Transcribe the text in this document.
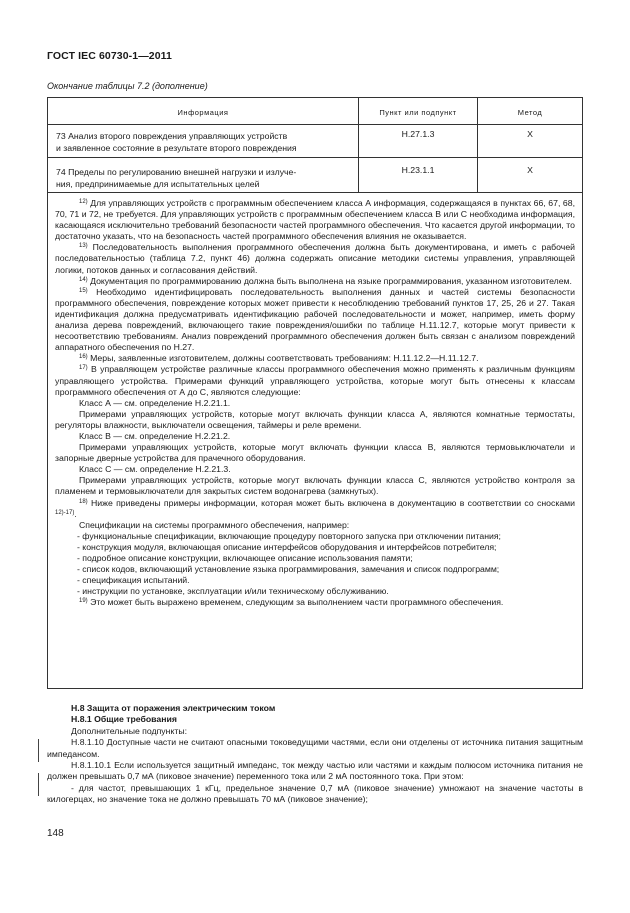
ГОСТ IEC 60730-1—2011
Окончание таблицы 7.2 (дополнение)
Информация	Пункт или подпункт	Метод
73 Анализ второго повреждения управляющих устройств
и заявленное состояние в результате второго повреждения
H.27.1.3	X
74 Пределы по регулированию внешней нагрузки и излуче-
ния, предпринимаемые для испытательных целей
H.23.1.1	X

$^{12)}$ Для управляющих устройств с программным обеспечением класса А информация, содержащаяся в пунктах 66, 67, 68, 70, 71 и 72, не требуется. Для управляющих устройств с программным обеспечением класса В или С необходима информация, касающаяся исключительно требований безопасности частей программного обеспечения. Что касается другой информации, то достаточно указать, что на безопасность частей программного обеспечения влияния не оказывается.

$^{13)}$ Последовательность выполнения программного обеспечения должна быть документирована, и иметь с рабочей последовательностью (таблица 7.2, пункт 46) должна содержать описание методики системы управления, управляющей логики, потоков данных и согласования действий.

$^{14)}$ Документация по программированию должна быть выполнена на языке программирования, указанном изготовителем.

$^{15)}$ Необходимо идентифицировать последовательность выполнения данных и частей системы безопасности программного обеспечения, повреждение которых может привести к несоблюдению требований пунктов 17, 25, 26 и 27. Такая идентификация должна предусматривать идентификацию рабочей последовательности и может, например, иметь форму анализа дерева повреждений, включающего такие повреждения/ошибки по таблице Н.11.12.7, которые могут привести к несоответствию требованиям. Анализ повреждений программного обеспечения должен быть связан с анализом повреждений аппаратного обеспечения по Н.27.

$^{16)}$ Меры, заявленные изготовителем, должны соответствовать требованиям: Н.11.12.2—Н.11.12.7.

$^{17)}$ В управляющем устройстве различные классы программного обеспечения можно применять к различным функциям управляющего устройства. Примерами функций управляющего устройства, которые могут быть отнесены к классам программного обеспечения от А до С, являются следующие:

Класс А — см. определение Н.2.21.1.

Примерами управляющих устройств, которые могут включать функции класса А, являются комнатные термостаты, регуляторы влажности, выключатели освещения, таймеры и реле времени.

Класс В — см. определение Н.2.21.2.

Примерами управляющих устройств, которые могут включать функции класса В, являются термовыключатели и запорные дверные устройства для прачечного оборудования.

Класс С — см. определение Н.2.21.3.

Примерами управляющих устройств, которые могут включать функции класса С, являются устройство контроля за пламенем и термовыключатели для закрытых систем водонагрева (замкнутых).

$^{18)}$ Ниже приведены примеры информации, которая может быть включена в документацию в соответствии со сносками $^{12)-17)}$.

Спецификации на системы программного обеспечения, например:

- функциональные спецификации, включающие процедуру повторного запуска при отключении питания;

- конструкция модуля, включающая описание интерфейсов оборудования и интерфейсов потребителя;

- подробное описание конструкции, включающее описание использования памяти;

- список кодов, включающий установление языка программирования, замечания и список подпрограмм;

- спецификация испытаний.

- инструкции по установке, эксплуатации и/или техническому обслуживанию.

$^{19)}$ Это может быть выражено временем, следующим за выполнением части программного обеспечения.

Н.8 Защита от поражения электрическим током

Н.8.1 Общие требования

Дополнительные подпункты:

Н.8.1.10 Доступные части не считают опасными токоведущими частями, если они отделены от источника питания защитным импедансом.

Н.8.1.10.1 Если используется защитный импеданс, ток между частью или частями и каждым полюсом источника питания не должен превышать 0,7 мА (пиковое значение) переменного тока или 2 мА постоянного тока. При этом:

- для частот, превышающих 1 кГц, предельное значение 0,7 мА (пиковое значение) умножают на значение частоты в килогерцах, но значение тока не должно превышать 70 мА (пиковое значение);

148
